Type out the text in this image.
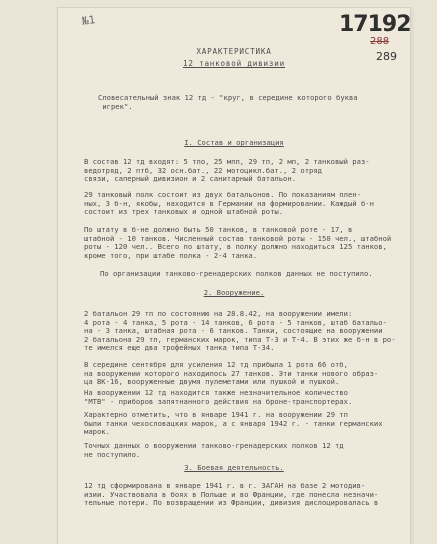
№1	17192
288
289
ХАРАКТЕРИСТИКА
12 танковой дивизии
Словесательный знак 12 тд - "круг, в середине которого буква
игрек".
I. Состав и организация
В состав 12 тд входят: 5 тпо, 25 мпп, 29 тп, 2 мп, 2 танковый раз-
ведотряд, 2 птб, 32 осн.бат., 22 мотоцикл.бат., 2 отряд
связи, саперный дивизион и 2 санитарный батальон.
29 танковый полк состоит из двух батальонов. По показаниям плен-
ных, 3 б-н, якобы, находится в Германии на формировании. Каждый б-н
состоит из трех танковых и одной штабной роты.
По штату в б-не должно быть 50 танков, в танковой роте - 17, в
штабной - 10 танков. Численный состав танковой роты - 150 чел., штабной
роты - 120 чел.. Всего по штату, в полку должно находиться 125 танков,
кроме того, при штабе полка - 2-4 танка.
По организации танково-гренадерских полков данных не поступило.
2. Вооружение.
2 батальон 29 тп по состоянию на 28.8.42, на вооружении имели:
4 рота - 4 танка, 5 рота - 14 танков, 6 рота - 5 танков, штаб батальо-
на - 3 танка, штабная рота - 6 танков. Танки, состоящие на вооружении
2 батальона 29 тп, германских марок, типа Т-3 и Т-4. В этих же б-н в ро-
те имелся еще два трофейных танка типа Т-34.
В середине сентября для усиления 12 тд прибыла 1 рота 66 отб,
на вооружении которого находилось 27 танков. Эти танки нового образ-
ца ВК-16, вооруженные двумя пулеметами или пушкой и пушкой.
На вооружении 12 тд находится также незначительное количество
"МТВ" - приборов запятнанного действия на броне-транспортерах.
Характерно отметить, что в январе 1941 г. на вооружении 29 тп
были танки чехословацких марок, а с января 1942 г. - танки германских
марок.
Точных данных о вооружении танково-гренадерских полков 12 тд
не поступило.
3. Боевая деятельность.
12 тд сформирована в январе 1941 г. в г. ЗАГАН на базе 2 мотодив-
изии. Участвовала в боях в Польше и во Франции, где понесла незначи-
тельные потери. По возвращении из Франции, дивизия дислоцировалась в
